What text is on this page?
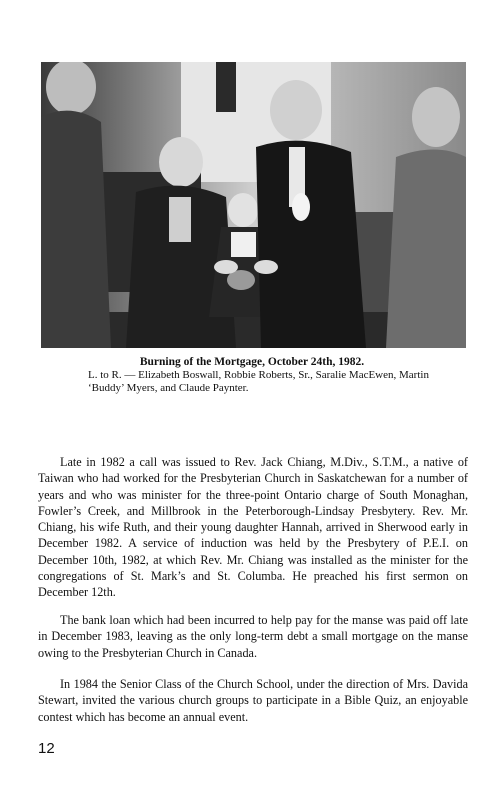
Burning of the Mortgage, October 24th, 1982.
L. to R. — Elizabeth Boswall, Robbie Roberts, Sr., Saralie MacEwen, Martin ‘Buddy’ Myers, and Claude Paynter.

Late in 1982 a call was issued to Rev. Jack Chiang, M.Div., S.T.M., a native of Taiwan who had worked for the Presbyterian Church in Saskatchewan for a number of years and who was minister for the three-point Ontario charge of South Monaghan, Fowler’s Creek, and Millbrook in the Peterborough-Lindsay Presbytery. Rev. Mr. Chiang, his wife Ruth, and their young daughter Hannah, arrived in Sherwood early in December 1982. A service of induction was held by the Presbytery of P.E.I. on December 10th, 1982, at which Rev. Mr. Chiang was installed as the minister for the congregations of St. Mark’s and St. Columba. He preached his first sermon on December 12th.

The bank loan which had been incurred to help pay for the manse was paid off late in December 1983, leaving as the only long-term debt a small mortgage on the manse owing to the Presbyterian Church in Canada.

In 1984 the Senior Class of the Church School, under the direction of Mrs. Davida Stewart, invited the various church groups to participate in a Bible Quiz, an enjoyable contest which has become an annual event.

12
